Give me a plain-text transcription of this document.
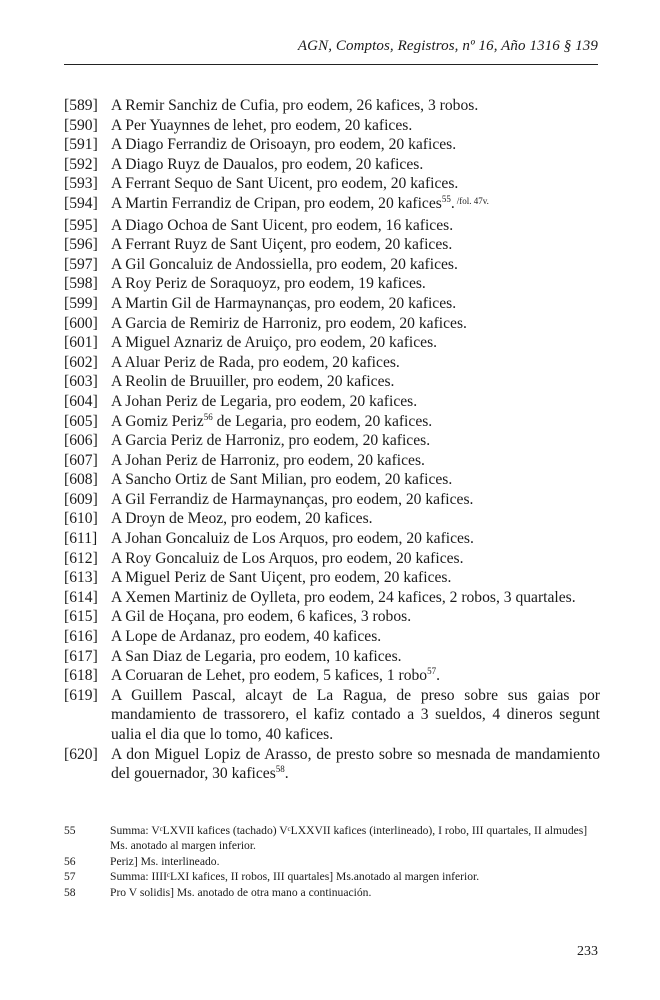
AGN, Comptos, Registros, nº 16, Año 1316 § 139
[589] A Remir Sanchiz de Cufia, pro eodem, 26 kafices, 3 robos.
[590] A Per Yuaynnes de lehet, pro eodem, 20 kafices.
[591] A Diago Ferrandiz de Orisoayn, pro eodem, 20 kafices.
[592] A Diago Ruyz de Daualos, pro eodem, 20 kafices.
[593] A Ferrant Sequo de Sant Uicent, pro eodem, 20 kafices.
[594] A Martin Ferrandiz de Cripan, pro eodem, 20 kafices$^{55}$. $^{/fol. 47v.}$
[595] A Diago Ochoa de Sant Uicent, pro eodem, 16 kafices.
[596] A Ferrant Ruyz de Sant Uiçent, pro eodem, 20 kafices.
[597] A Gil Goncaluiz de Andossiella, pro eodem, 20 kafices.
[598] A Roy Periz de Soraquoyz, pro eodem, 19 kafices.
[599] A Martin Gil de Harmaynanças, pro eodem, 20 kafices.
[600] A Garcia de Remiriz de Harroniz, pro eodem, 20 kafices.
[601] A Miguel Aznariz de Aruiço, pro eodem, 20 kafices.
[602] A Aluar Periz de Rada, pro eodem, 20 kafices.
[603] A Reolin de Bruuiller, pro eodem, 20 kafices.
[604] A Johan Periz de Legaria, pro eodem, 20 kafices.
[605] A Gomiz Periz$^{56}$ de Legaria, pro eodem, 20 kafices.
[606] A Garcia Periz de Harroniz, pro eodem, 20 kafices.
[607] A Johan Periz de Harroniz, pro eodem, 20 kafices.
[608] A Sancho Ortiz de Sant Milian, pro eodem, 20 kafices.
[609] A Gil Ferrandiz de Harmaynanças, pro eodem, 20 kafices.
[610] A Droyn de Meoz, pro eodem, 20 kafices.
[611] A Johan Goncaluiz de Los Arquos, pro eodem, 20 kafices.
[612] A Roy Goncaluiz de Los Arquos, pro eodem, 20 kafices.
[613] A Miguel Periz de Sant Uiçent, pro eodem, 20 kafices.
[614] A Xemen Martiniz de Oylleta, pro eodem, 24 kafices, 2 robos, 3 quartales.
[615] A Gil de Hoçana, pro eodem, 6 kafices, 3 robos.
[616] A Lope de Ardanaz, pro eodem, 40 kafices.
[617] A San Diaz de Legaria, pro eodem, 10 kafices.
[618] A Coruaran de Lehet, pro eodem, 5 kafices, 1 robo$^{57}$.
[619] A Guillem Pascal, alcayt de La Ragua, de preso sobre sus gaias por mandamiento de trassorero, el kafiz contado a 3 sueldos, 4 dineros segunt ualia el dia que lo tomo, 40 kafices.
[620] A don Miguel Lopiz de Arasso, de presto sobre so mesnada de mandamiento del gouernador, 30 kafices$^{58}$.
55	Summa: VᶜLXVII kafices (tachado) VᶜLXXVII kafices (interlineado), I robo, III quartales, II almudes] Ms. anotado al margen inferior.
56	Periz] Ms. interlineado.
57	Summa: IIIIᶜLXI kafices, II robos, III quartales] Ms.anotado al margen inferior.
58	Pro V solidis] Ms. anotado de otra mano a continuación.
233
